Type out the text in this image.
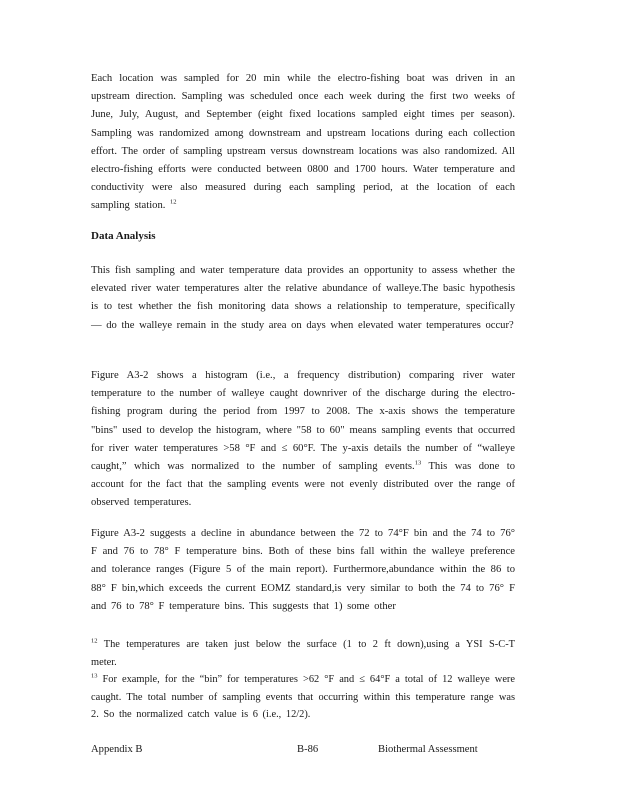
Each location was sampled for 20 min while the electro-fishing boat was driven in an upstream direction. Sampling was scheduled once each week during the first two weeks of June, July, August, and September (eight fixed locations sampled eight times per season). Sampling was randomized among downstream and upstream locations during each collection effort. The order of sampling upstream versus downstream locations was also randomized. All electro-fishing efforts were conducted between 0800 and 1700 hours. Water temperature and conductivity were also measured during each sampling period, at the location of each sampling station. $^{12}$
Data Analysis
This fish sampling and water temperature data provides an opportunity to assess whether the elevated river water temperatures alter the relative abundance of walleye.The basic hypothesis is to test whether the fish monitoring data shows a relationship to temperature, specifically — do the walleye remain in the study area on days when elevated water temperatures occur?
Figure A3-2 shows a histogram (i.e., a frequency distribution) comparing river water temperature to the number of walleye caught downriver of the discharge during the electro-fishing program during the period from 1997 to 2008. The x-axis shows the temperature "bins" used to develop the histogram, where "58 to 60" means sampling events that occurred for river water temperatures >58 °F and ≤ 60°F. The y-axis details the number of “walleye caught,” which was normalized to the number of sampling events.$^{13}$ This was done to account for the fact that the sampling events were not evenly distributed over the range of observed temperatures.
Figure A3-2 suggests a decline in abundance between the 72 to 74°F bin and the 74 to 76° F and 76 to 78° F temperature bins. Both of these bins fall within the walleye preference and tolerance ranges (Figure 5 of the main report). Furthermore,abundance within the 86 to 88° F bin,which exceeds the current EOMZ standard,is very similar to both the 74 to 76° F and 76 to 78° F temperature bins. This suggests that 1) some other
$^{12}$ The temperatures are taken just below the surface (1 to 2 ft down),using a YSI S-C-T meter.
$^{13}$ For example, for the “bin” for temperatures >62 °F and ≤ 64°F a total of 12 walleye were caught. The total number of sampling events that occurring within this temperature range was 2. So the normalized catch value is 6 (i.e., 12/2).
Appendix B	B-86	Biothermal Assessment
